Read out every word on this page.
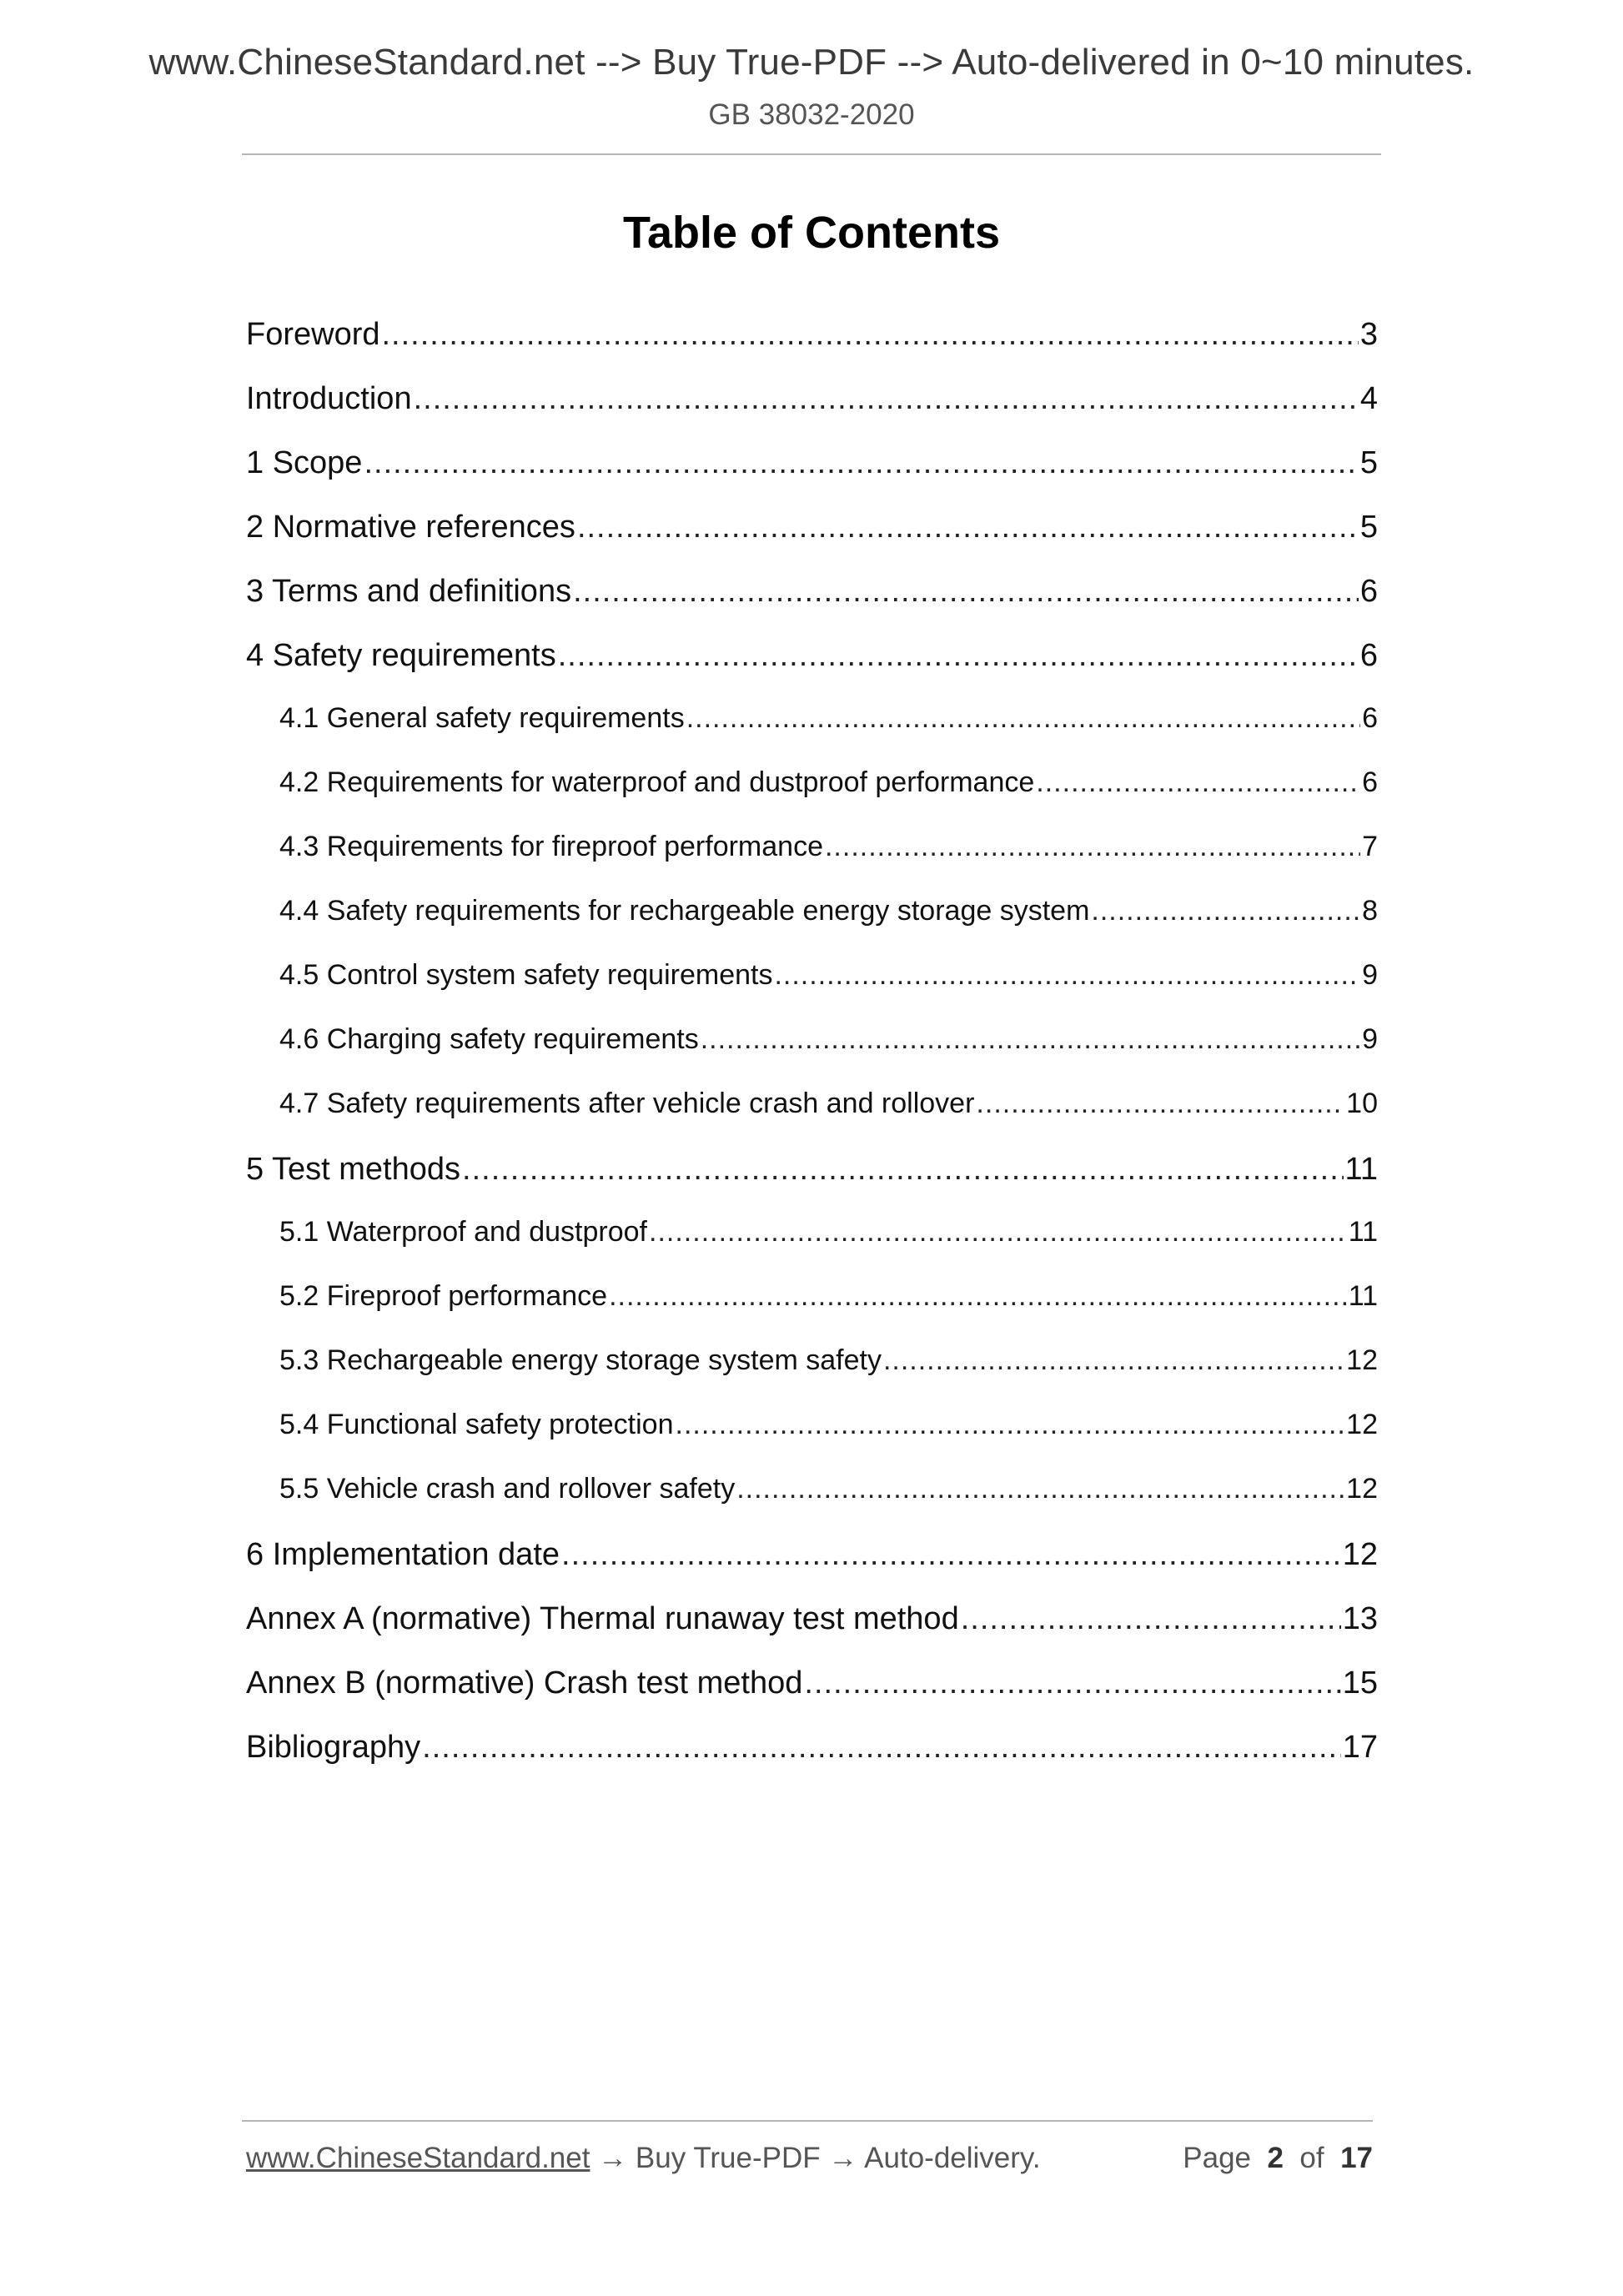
www.ChineseStandard.net --> Buy True-PDF --> Auto-delivered in 0~10 minutes.
GB 38032-2020
Table of Contents
Foreword .....	3
Introduction .....	4
1 Scope .....	5
2 Normative references .....	5
3 Terms and definitions .....	6
4 Safety requirements .....	6
4.1 General safety requirements .....	6
4.2 Requirements for waterproof and dustproof performance .....	6
4.3 Requirements for fireproof performance .....	7
4.4 Safety requirements for rechargeable energy storage system .....	8
4.5 Control system safety requirements .....	9
4.6 Charging safety requirements .....	9
4.7 Safety requirements after vehicle crash and rollover .....	10
5 Test methods .....	11
5.1 Waterproof and dustproof .....	11
5.2 Fireproof performance .....	11
5.3 Rechargeable energy storage system safety .....	12
5.4 Functional safety protection .....	12
5.5 Vehicle crash and rollover safety .....	12
6 Implementation date .....	12
Annex A (normative) Thermal runaway test method .....	13
Annex B (normative) Crash test method .....	15
Bibliography .....	17
www.ChineseStandard.net → Buy True-PDF → Auto-delivery.	Page 2 of 17
